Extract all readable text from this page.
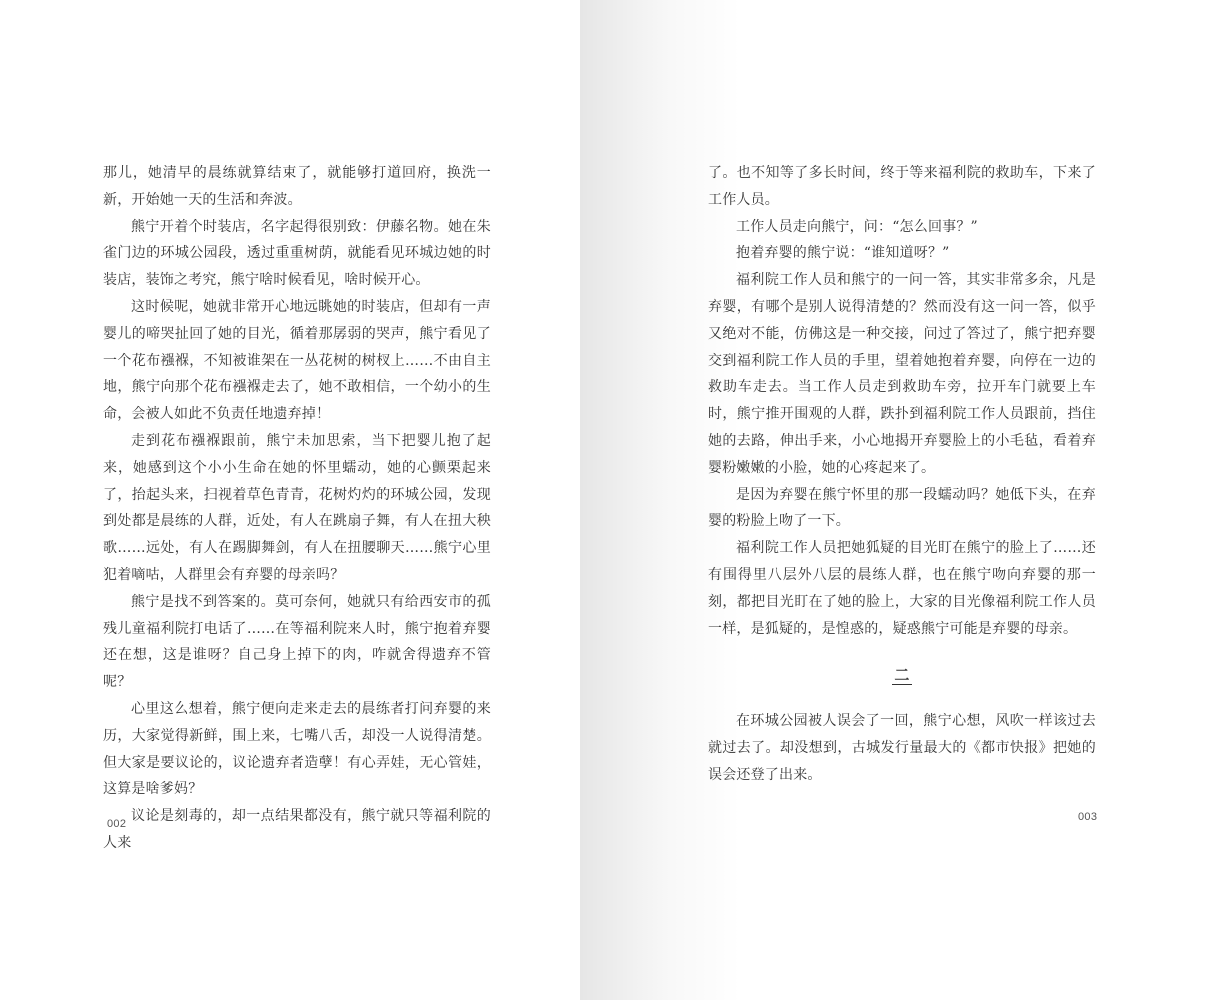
那儿，她清早的晨练就算结束了，就能够打道回府，换洗一新，开始她一天的生活和奔波。

熊宁开着个时装店，名字起得很别致：伊藤名物。她在朱雀门边的环城公园段，透过重重树荫，就能看见环城边她的时装店，装饰之考究，熊宁啥时候看见，啥时候开心。

这时候呢，她就非常开心地远眺她的时装店，但却有一声婴儿的啼哭扯回了她的目光，循着那孱弱的哭声，熊宁看见了一个花布襁褓，不知被谁架在一丛花树的树杈上……不由自主地，熊宁向那个花布襁褓走去了，她不敢相信，一个幼小的生命，会被人如此不负责任地遗弃掉！

走到花布襁褓跟前，熊宁未加思索，当下把婴儿抱了起来，她感到这个小小生命在她的怀里蠕动，她的心颤栗起来了，抬起头来，扫视着草色青青，花树灼灼的环城公园，发现到处都是晨练的人群，近处，有人在跳扇子舞，有人在扭大秧歌……远处，有人在踢脚舞剑，有人在扭腰聊天……熊宁心里犯着嘀咕，人群里会有弃婴的母亲吗？

熊宁是找不到答案的。莫可奈何，她就只有给西安市的孤残儿童福利院打电话了……在等福利院来人时，熊宁抱着弃婴还在想，这是谁呀？自己身上掉下的肉，咋就舍得遗弃不管呢？

心里这么想着，熊宁便向走来走去的晨练者打问弃婴的来历，大家觉得新鲜，围上来，七嘴八舌，却没一人说得清楚。但大家是要议论的，议论遗弃者造孽！有心弄娃，无心管娃，这算是啥爹妈？

议论是刻毒的，却一点结果都没有，熊宁就只等福利院的人来

002

了。也不知等了多长时间，终于等来福利院的救助车，下来了工作人员。

工作人员走向熊宁，问：“怎么回事？”

抱着弃婴的熊宁说：“谁知道呀？”

福利院工作人员和熊宁的一问一答，其实非常多余，凡是弃婴，有哪个是别人说得清楚的？然而没有这一问一答，似乎又绝对不能，仿佛这是一种交接，问过了答过了，熊宁把弃婴交到福利院工作人员的手里，望着她抱着弃婴，向停在一边的救助车走去。当工作人员走到救助车旁，拉开车门就要上车时，熊宁推开围观的人群，跌扑到福利院工作人员跟前，挡住她的去路，伸出手来，小心地揭开弃婴脸上的小毛毡，看着弃婴粉嫩嫩的小脸，她的心疼起来了。

是因为弃婴在熊宁怀里的那一段蠕动吗？她低下头，在弃婴的粉脸上吻了一下。

福利院工作人员把她狐疑的目光盯在熊宁的脸上了……还有围得里八层外八层的晨练人群，也在熊宁吻向弃婴的那一刻，都把目光盯在了她的脸上，大家的目光像福利院工作人员一样，是狐疑的，是惶惑的，疑惑熊宁可能是弃婴的母亲。

二

在环城公园被人误会了一回，熊宁心想，风吹一样该过去就过去了。却没想到，古城发行量最大的《都市快报》把她的误会还登了出来。

003
